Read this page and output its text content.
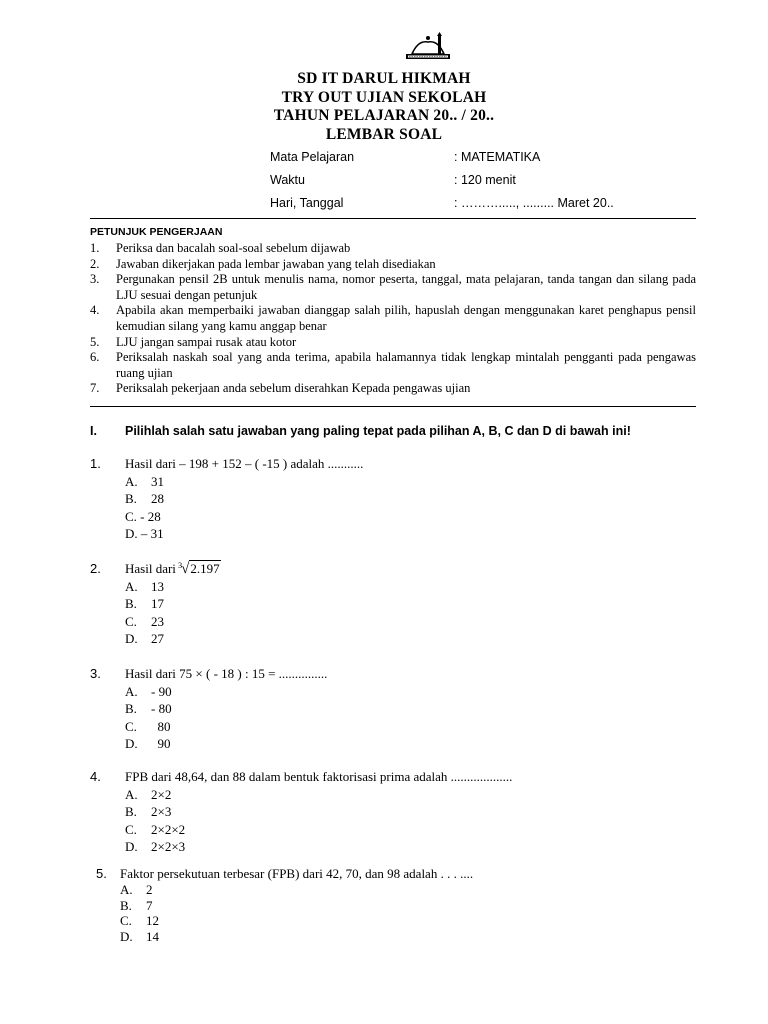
SD IT DARUL HIKMAH
TRY OUT UJIAN SEKOLAH
TAHUN PELAJARAN 20.. / 20..
LEMBAR SOAL
Mata Pelajaran	: MATEMATIKA
Waktu	: 120 menit
Hari, Tanggal	: ………....., ......... Maret 20..
PETUNJUK PENGERJAAN
1. Periksa dan bacalah soal-soal sebelum dijawab
2. Jawaban dikerjakan pada lembar jawaban yang telah disediakan
3. Pergunakan pensil 2B untuk menulis nama, nomor peserta, tanggal, mata pelajaran, tanda tangan dan silang pada LJU sesuai dengan petunjuk
4. Apabila akan memperbaiki jawaban dianggap salah pilih, hapuslah dengan menggunakan karet penghapus pensil kemudian silang yang kamu anggap benar
5. LJU jangan sampai rusak atau kotor
6. Periksalah naskah soal yang anda terima, apabila halamannya tidak lengkap mintalah pengganti pada pengawas ruang ujian
7. Periksalah pekerjaan anda sebelum diserahkan Kepada pengawas ujian
I. Pilihlah salah satu jawaban yang paling tepat pada pilihan A, B, C dan D di bawah ini!
1. Hasil dari – 198 + 152 – ( -15 ) adalah ...........
A. 31
B. 28
C. - 28
D. – 31
2. Hasil dari 3 √2.197
A. 13
B. 17
C. 23
D. 27
3. Hasil dari 75 × ( - 18 ) : 15 = ...............
A. - 90
B. - 80
C.  80
D.  90
4. FPB dari 48,64, dan 88 dalam bentuk faktorisasi prima adalah ...................
A. 2×2
B. 2×3
C. 2×2×2
D. 2×2×3
5. Faktor persekutuan terbesar (FPB) dari 42, 70, dan 98 adalah . . . ....
A. 2
B. 7
C. 12
D. 14
